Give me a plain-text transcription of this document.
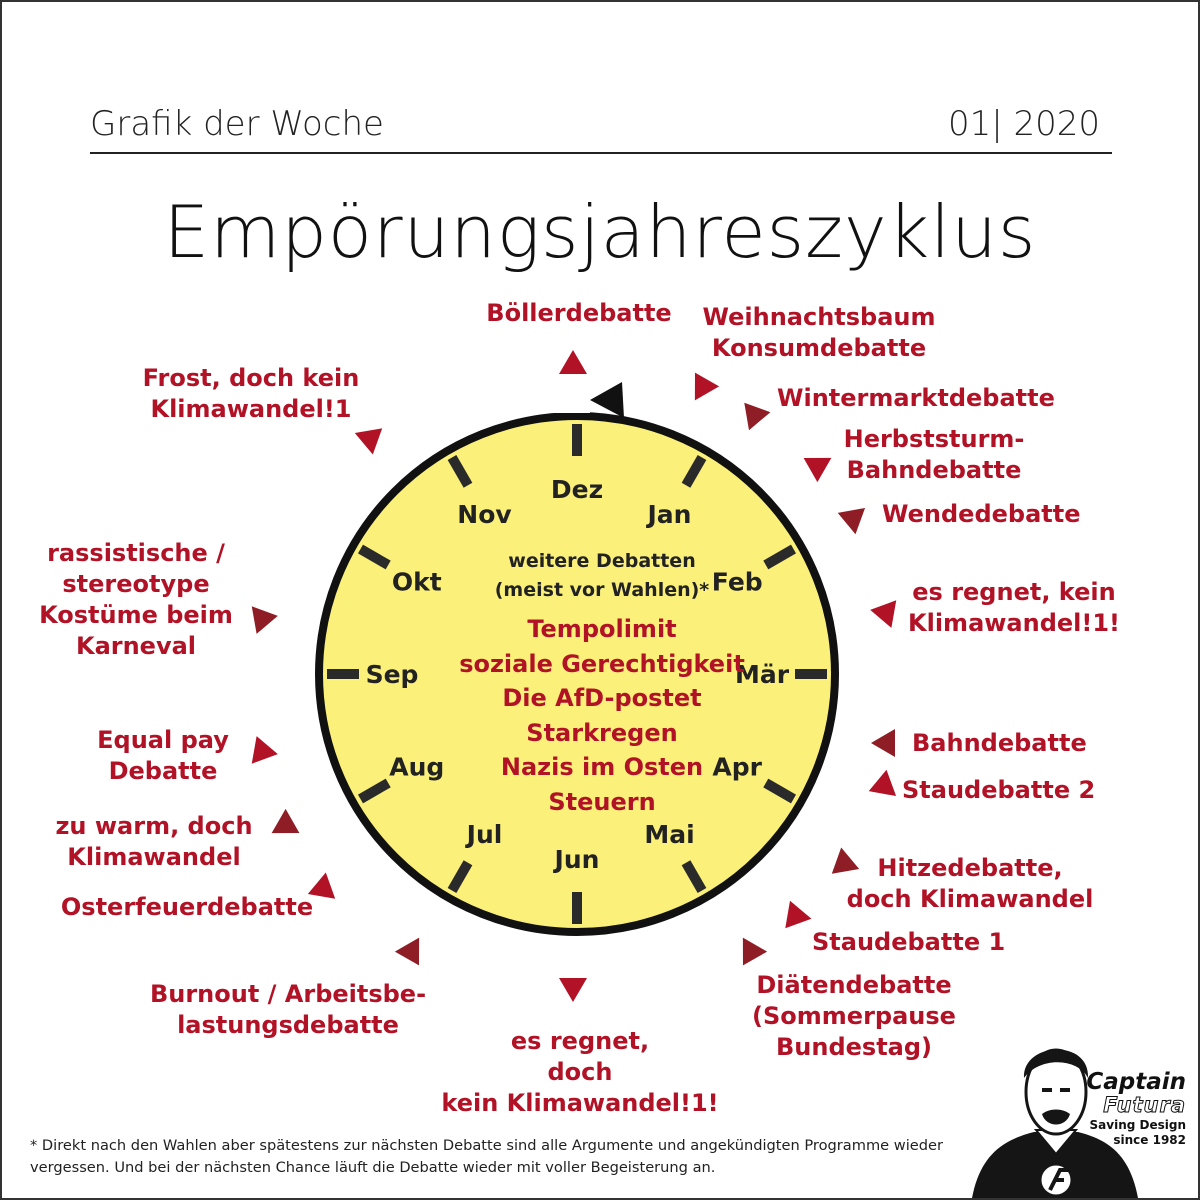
Grafik der Woche	01| 2020
Empörungsjahreszyklus
Dez
Nov
Okt
Sep
Aug
Jul
Jun
Mai
Apr
Mär
Feb
Jan
weitere Debatten
(meist vor Wahlen)*
Tempolimit
soziale Gerechtigkeit
Die AfD-postet
Starkregen
Nazis im Osten
Steuern
Böllerdebatte Weihnachtsbaum
Konsumdebatte
Wintermarktdebatte
Herbststurm-
Bahndebatte
Wendedebatte
es regnet, kein
Klimawandel!1!
Bahndebatte
Staudebatte 2
Hitzedebatte,
doch Klimawandel
Staudebatte 1
Diätendebatte
(Sommerpause
Bundestag)
es regnet,
doch
kein Klimawandel!1!
Burnout / Arbeitsbe-
lastungsdebatte
Osterfeuerdebatte
zu warm, doch
Klimawandel
Equal pay
Debatte
rassistische /
stereotype
Kostüme beim
Karneval
Frost, doch kein
Klimawandel!1
* Direkt nach den Wahlen aber spätestens zur nächsten Debatte sind alle Argumente und angekündigten Programme wieder vergessen. Und bei der nächsten Chance läuft die Debatte wieder mit voller Begeisterung an.
Captain
Futura
Saving Design
since 1982
